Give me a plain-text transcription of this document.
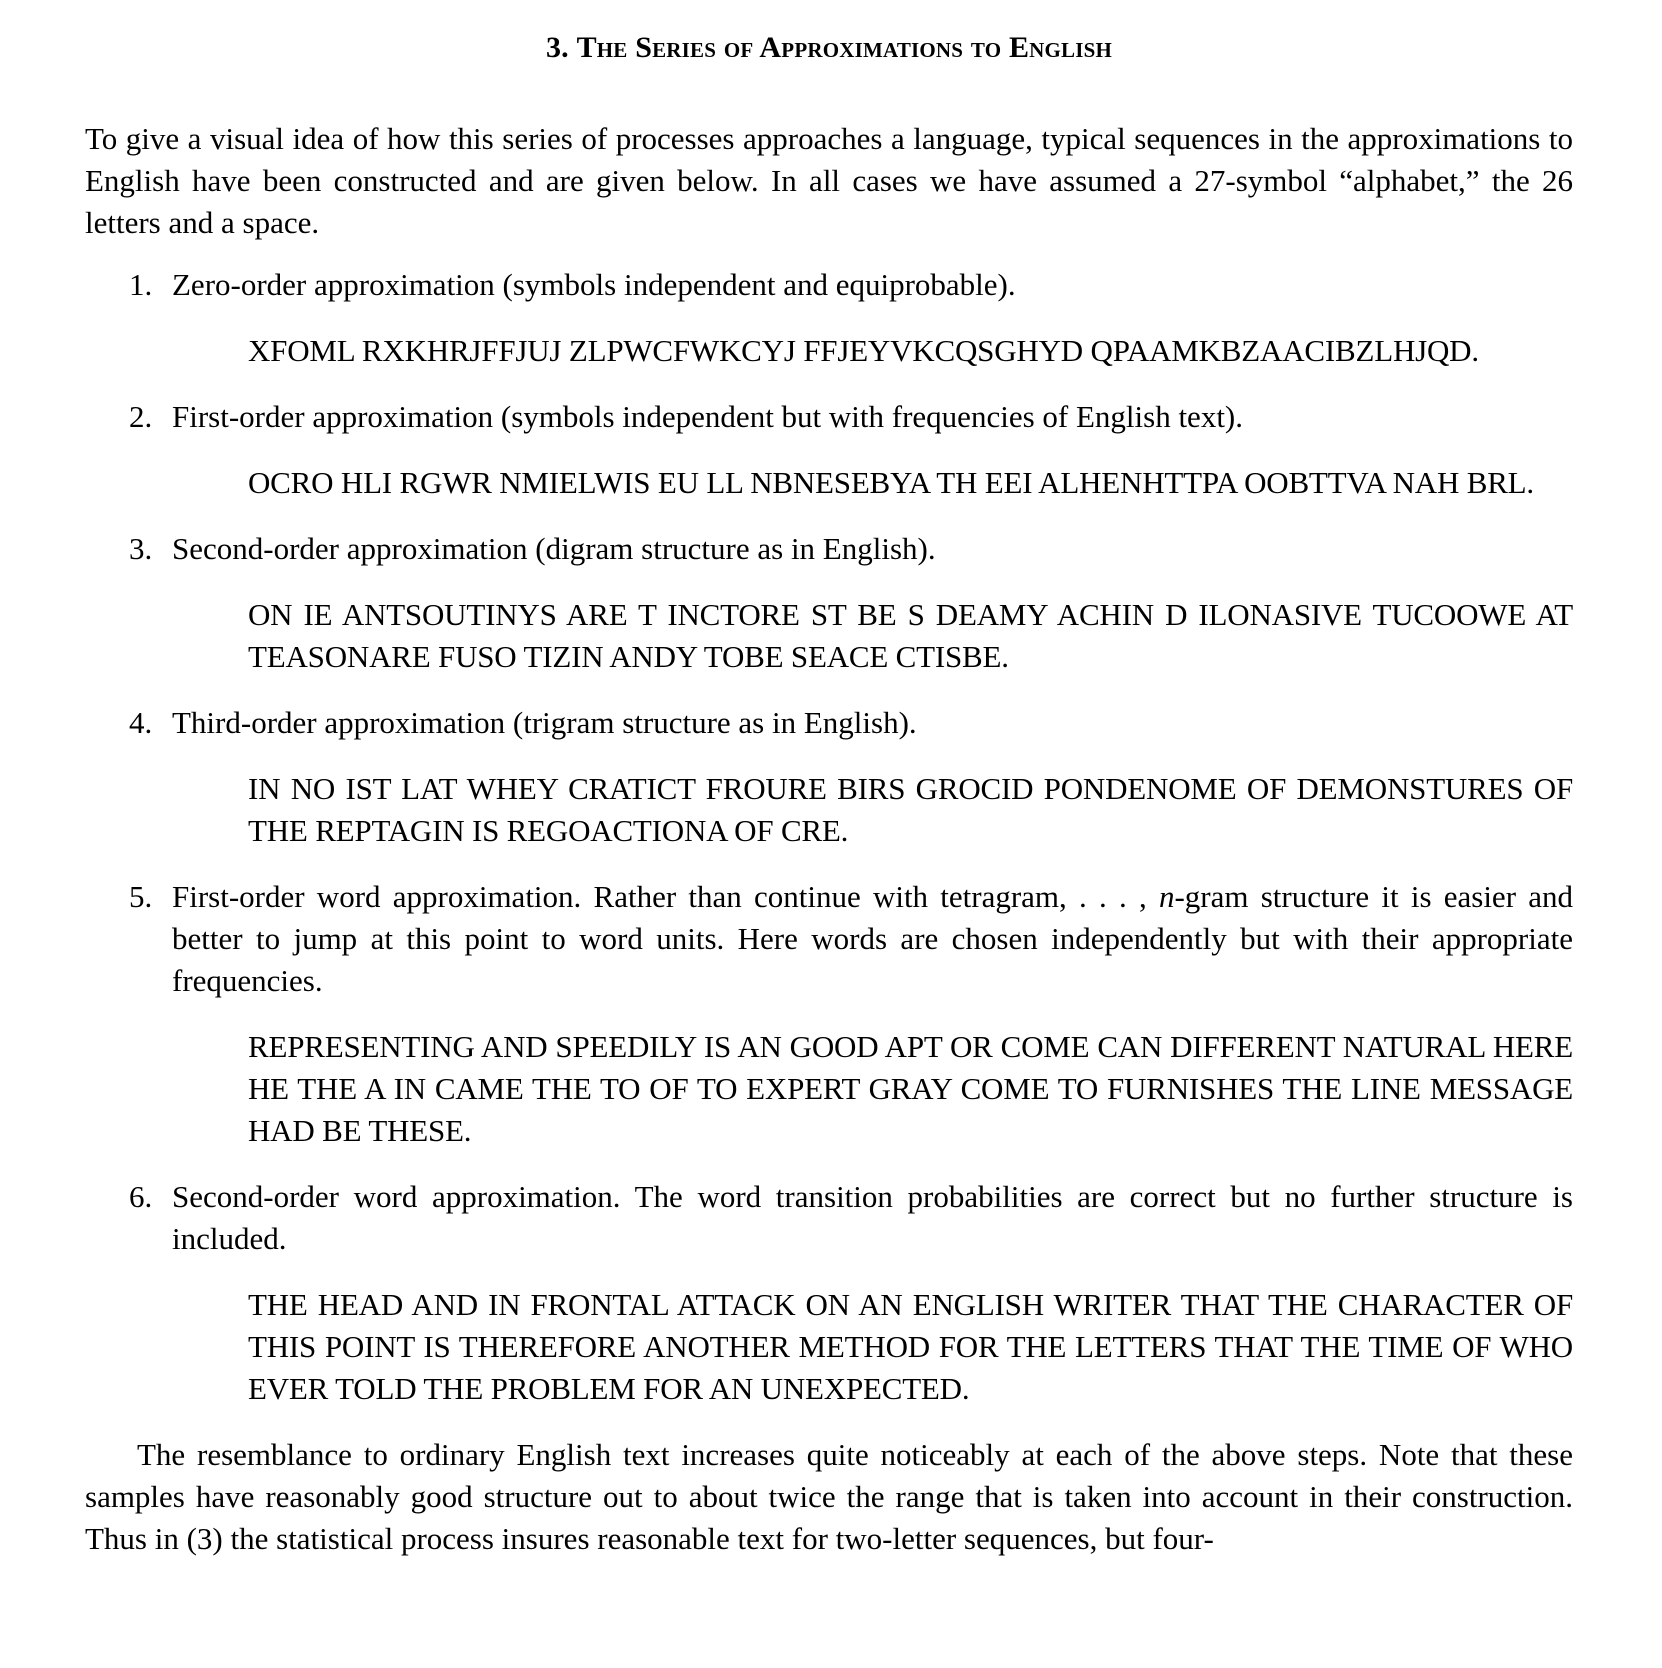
3. The Series of Approximations to English

To give a visual idea of how this series of processes approaches a language, typical sequences in the approximations to English have been constructed and are given below. In all cases we have assumed a 27-symbol “alphabet,” the 26 letters and a space.

1. Zero-order approximation (symbols independent and equiprobable).
XFOML RXKHRJFFJUJ ZLPWCFWKCYJ FFJEYVKCQSGHYD QPAAMKBZAACIBZLHJQD.
2. First-order approximation (symbols independent but with frequencies of English text).
OCRO HLI RGWR NMIELWIS EU LL NBNESEBYA TH EEI ALHENHTTPA OOBTTVA NAH BRL.
3. Second-order approximation (digram structure as in English).
ON IE ANTSOUTINYS ARE T INCTORE ST BE S DEAMY ACHIN D ILONASIVE TUCOOWE AT TEASONARE FUSO TIZIN ANDY TOBE SEACE CTISBE.
4. Third-order approximation (trigram structure as in English).
IN NO IST LAT WHEY CRATICT FROURE BIRS GROCID PONDENOME OF DEMONSTURES OF THE REPTAGIN IS REGOACTIONA OF CRE.
5. First-order word approximation. Rather than continue with tetragram, . . . , n-gram structure it is easier and better to jump at this point to word units. Here words are chosen independently but with their appropriate frequencies.
REPRESENTING AND SPEEDILY IS AN GOOD APT OR COME CAN DIFFERENT NATURAL HERE HE THE A IN CAME THE TO OF TO EXPERT GRAY COME TO FURNISHES THE LINE MESSAGE HAD BE THESE.
6. Second-order word approximation. The word transition probabilities are correct but no further structure is included.
THE HEAD AND IN FRONTAL ATTACK ON AN ENGLISH WRITER THAT THE CHARACTER OF THIS POINT IS THEREFORE ANOTHER METHOD FOR THE LETTERS THAT THE TIME OF WHO EVER TOLD THE PROBLEM FOR AN UNEXPECTED.

The resemblance to ordinary English text increases quite noticeably at each of the above steps. Note that these samples have reasonably good structure out to about twice the range that is taken into account in their construction. Thus in (3) the statistical process insures reasonable text for two-letter sequences, but four-
